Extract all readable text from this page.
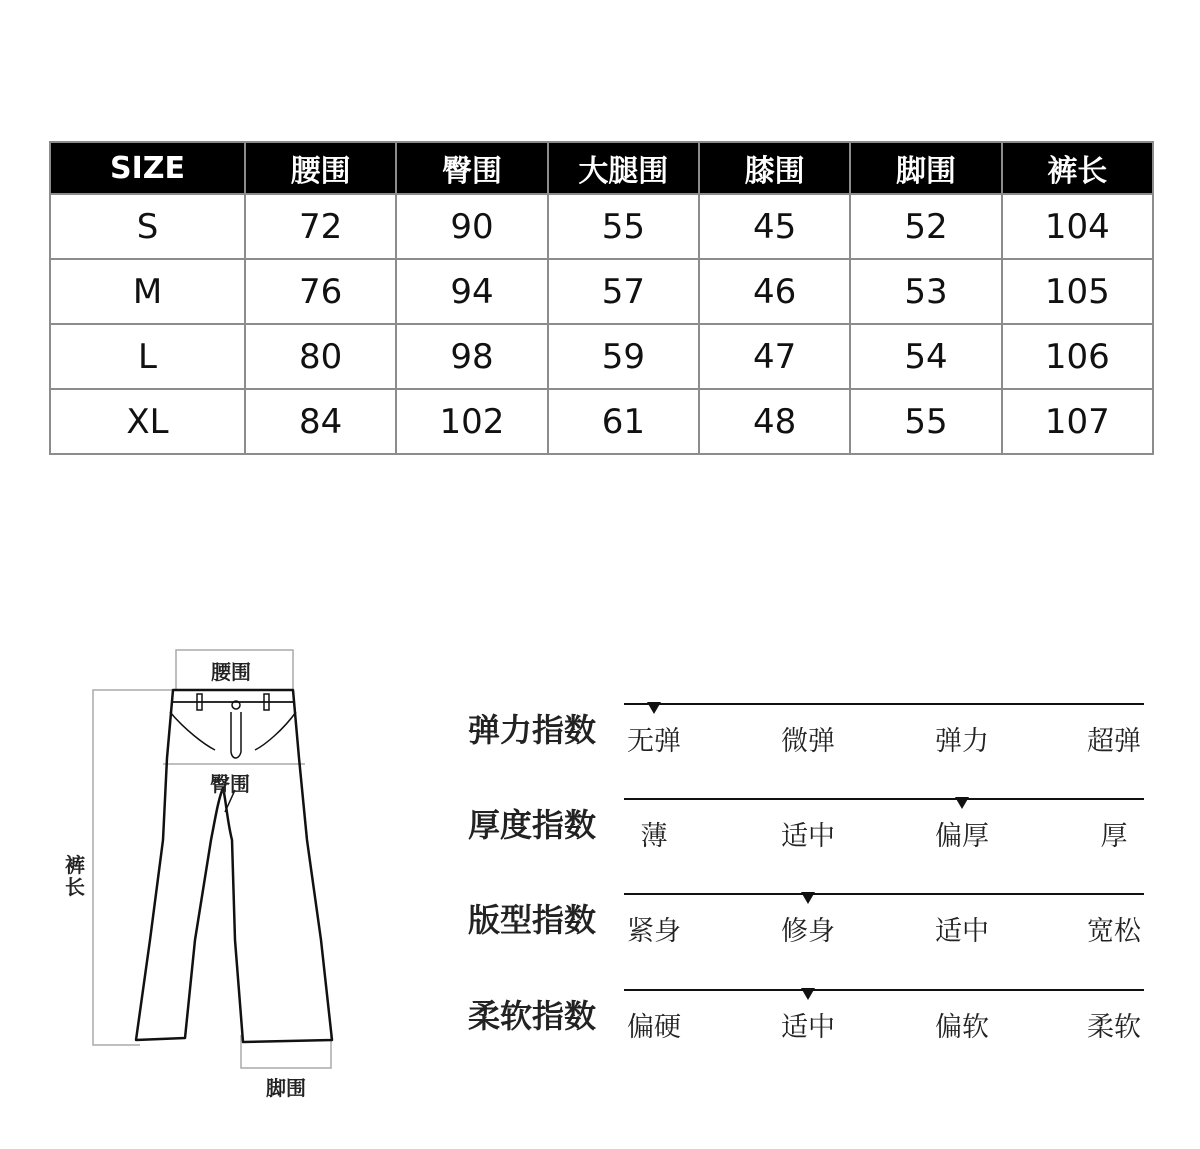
SIZE	腰围	臀围	大腿围	膝围	脚围	裤长
S	72	90	55	45	52	104
M	76	94	57	46	53	105
L	80	98	59	47	54	106
XL	84	102	61	48	55	107
腰围
臀围
裤长
脚围
弹力指数 无弹	微弹	弹力	超弹
厚度指数 薄	适中	偏厚	厚
版型指数 紧身	修身	适中	宽松
柔软指数 偏硬	适中	偏软	柔软
